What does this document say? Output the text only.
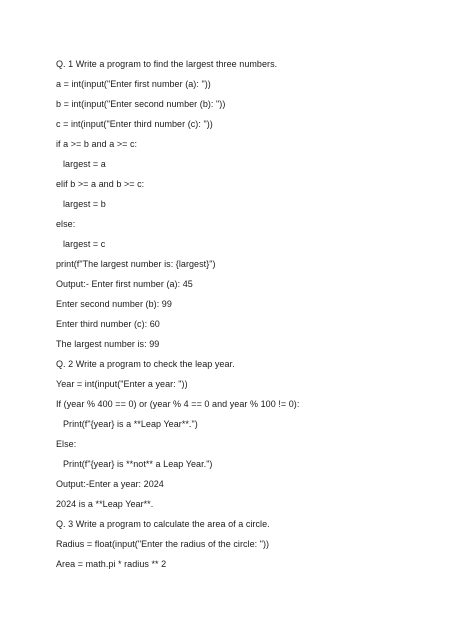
Q. 1 Write a program to find the largest three numbers.
a = int(input("Enter first number (a): "))
b = int(input("Enter second number (b): "))
c = int(input("Enter third number (c): "))
if a >= b and a >= c:
largest = a
elif b >= a and b >= c:
largest = b
else:
largest = c
print(f"The largest number is: {largest}")
Output:- Enter first number (a): 45
Enter second number (b): 99
Enter third number (c): 60
The largest number is: 99
Q. 2 Write a program to check the leap year.
Year = int(input("Enter a year: "))
If (year % 400 == 0) or (year % 4 == 0 and year % 100 != 0):
Print(f"{year} is a **Leap Year**.")
Else:
Print(f"{year} is **not** a Leap Year.")
Output:-Enter a year: 2024
2024 is a **Leap Year**.
Q. 3 Write a program to calculate the area of a circle.
Radius = float(input("Enter the radius of the circle: "))
Area = math.pi * radius ** 2
